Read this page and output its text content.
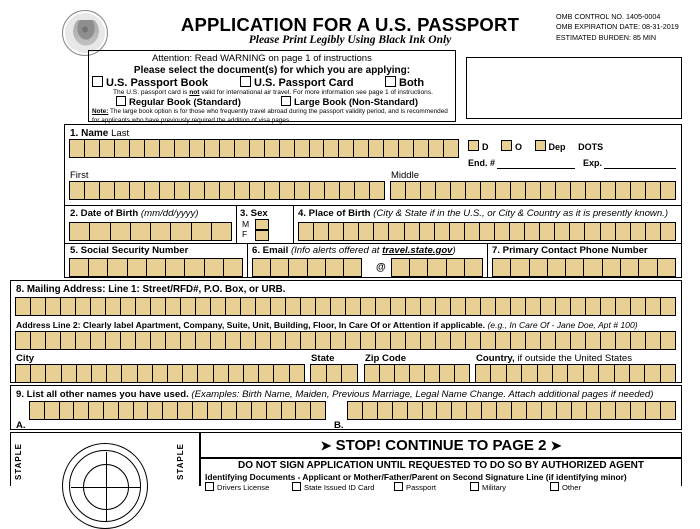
APPLICATION FOR A U.S. PASSPORT
Please Print Legibly Using Black Ink Only
OMB CONTROL NO. 1405-0004
OMB EXPIRATION DATE: 08-31-2019
ESTIMATED BURDEN: 85 MIN
Attention: Read WARNING on page 1 of instructions
Please select the document(s) for which you are applying:
U.S. Passport Book	U.S. Passport Card	Both
The U.S. passport card is not valid for international air travel. For more information see page 1 of instructions.
Regular Book (Standard)	Large Book (Non-Standard)
Note: The large book option is for those who frequently travel abroad during the passport validity period, and is recommended for applicants who have previously required the addition of visa pages.
1. Name Last
First	Middle
D	O	Dep DOTS
End. #	Exp.
2. Date of Birth (mm/dd/yyyy)	3. Sex
M
F
4. Place of Birth (City & State if in the U.S., or City & Country as it is presently known.)
5. Social Security Number	6. Email (Info alerts offered at travel.state.gov)
@
7. Primary Contact Phone Number
8. Mailing Address: Line 1: Street/RFD#, P.O. Box, or URB.
Address Line 2: Clearly label Apartment, Company, Suite, Unit, Building, Floor, In Care Of or Attention if applicable. (e.g., In Care Of - Jane Doe, Apt # 100)
City	State	Zip Code	Country, if outside the United States
9. List all other names you have used. (Examples: Birth Name, Maiden, Previous Marriage, Legal Name Change. Attach additional pages if needed)
A.	B.
➤ STOP! CONTINUE TO PAGE 2 ➤
DO NOT SIGN APPLICATION UNTIL REQUESTED TO DO SO BY AUTHORIZED AGENT
Identifying Documents - Applicant or Mother/Father/Parent on Second Signature Line (if identifying minor)
Drivers License	State Issued ID Card	Passport	Military	Other
STAPLE	STAPLE
